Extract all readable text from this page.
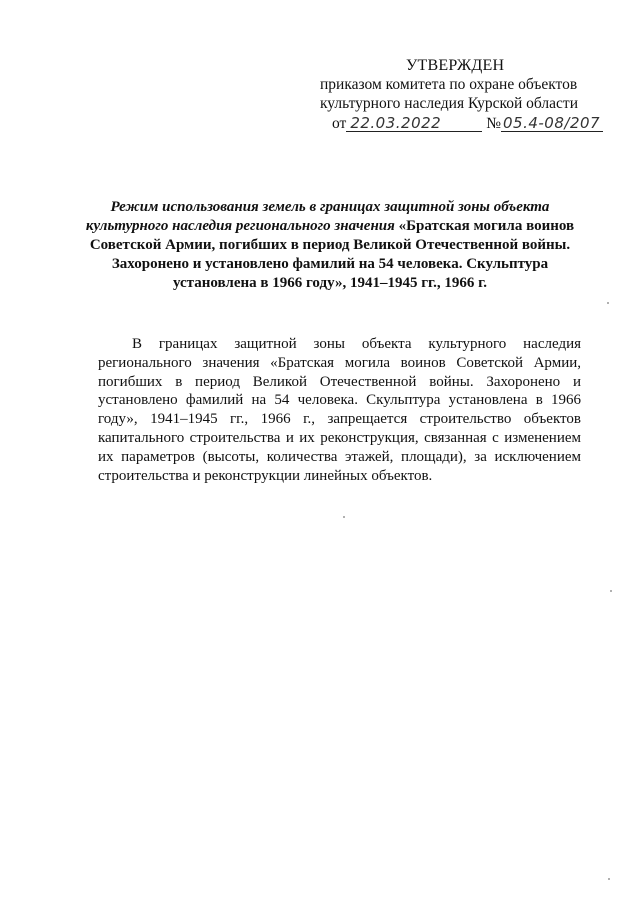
УТВЕРЖДЕН
приказом комитета по охране объектов
культурного наследия Курской области
от 22.03.2022	№ 05.4-08/207
Режим использования земель в границах защитной зоны объекта культурного наследия регионального значения «Братская могила воинов Советской Армии, погибших в период Великой Отечественной войны. Захоронено и установлено фамилий на 54 человека. Скульптура установлена в 1966 году», 1941–1945 гг., 1966 г.

В границах защитной зоны объекта культурного наследия регионального значения «Братская могила воинов Советской Армии, погибших в период Великой Отечественной войны. Захоронено и установлено фамилий на 54 человека. Скульптура установлена в 1966 году», 1941–1945 гг., 1966 г., запрещается строительство объектов капитального строительства и их реконструкция, связанная с изменением их параметров (высоты, количества этажей, площади), за исключением строительства и реконструкции линейных объектов.
